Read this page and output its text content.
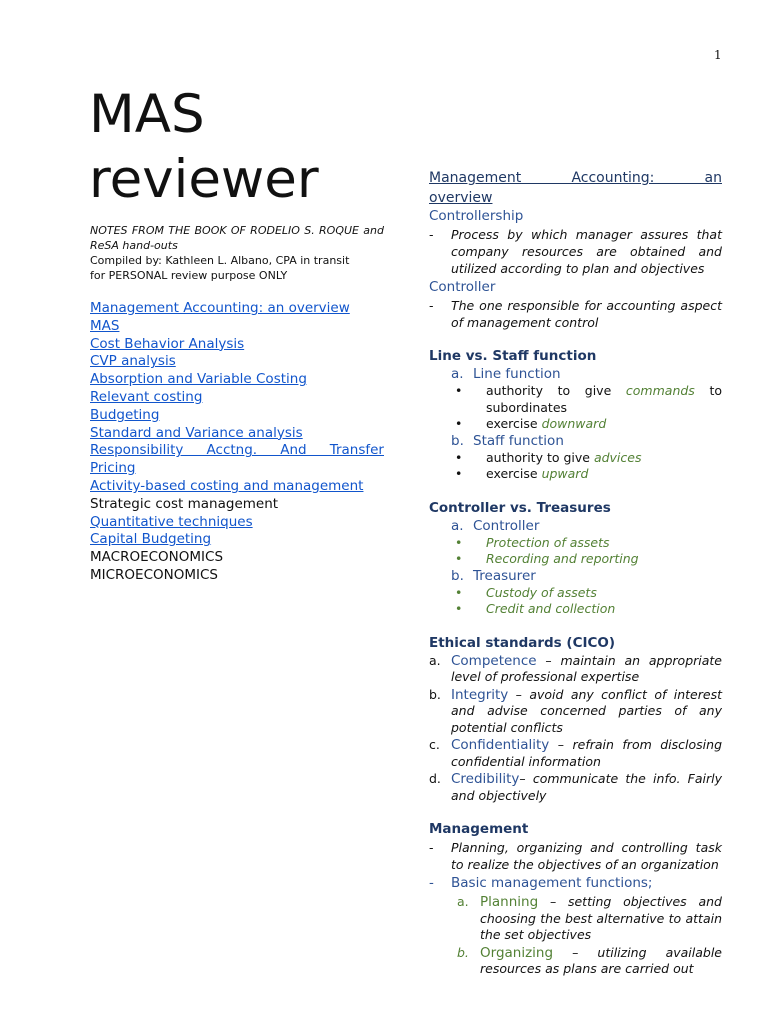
1
MAS
reviewer
NOTES FROM THE BOOK OF RODELIO S. ROQUE and ReSA hand-outs
Compiled by: Kathleen L. Albano, CPA in transit
for PERSONAL review purpose ONLY
Management Accounting: an overview
MAS
Cost Behavior Analysis
CVP analysis
Absorption and Variable Costing
Relevant costing
Budgeting
Standard and Variance analysis
Responsibility Acctng. And Transfer
Pricing
Activity-based costing and management
Strategic cost management
Quantitative techniques
Capital Budgeting
MACROECONOMICS
MICROECONOMICS
Management Accounting: an
overview
Controllership
- Process by which manager assures that company resources are obtained and utilized according to plan and objectives
Controller
- The one responsible for accounting aspect of management control
Line vs. Staff function
a. Line function
• authority to give commands to subordinates
• exercise downward
b. Staff function
• authority to give advices
• exercise upward
Controller vs. Treasures
a. Controller
• Protection of assets
• Recording and reporting
b. Treasurer
• Custody of assets
• Credit and collection
Ethical standards (CICO)
a. Competence – maintain an appropriate level of professional expertise
b. Integrity – avoid any conflict of interest and advise concerned parties of any potential conflicts
c. Confidentiality – refrain from disclosing confidential information
d. Credibility– communicate the info. Fairly and objectively
Management
- Planning, organizing and controlling task to realize the objectives of an organization
- Basic management functions;
a. Planning – setting objectives and choosing the best alternative to attain the set objectives
b. Organizing – utilizing available resources as plans are carried out
